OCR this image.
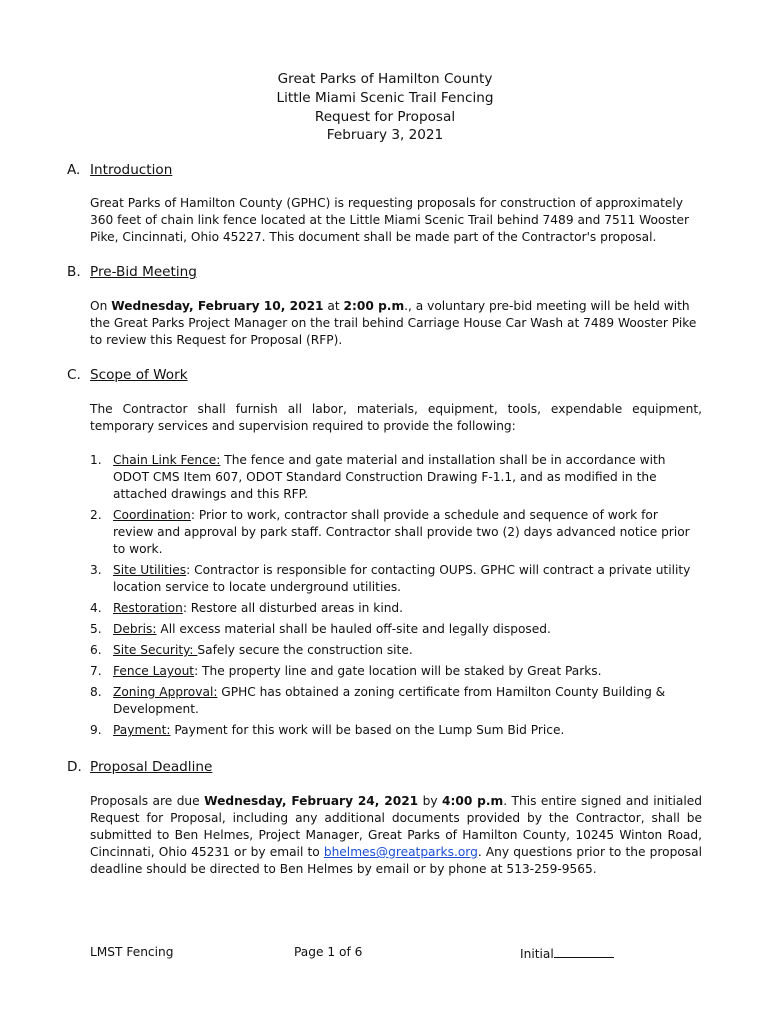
Great Parks of Hamilton County

Little Miami Scenic Trail Fencing

Request for Proposal

February 3, 2021

A. Introduction

Great Parks of Hamilton County (GPHC) is requesting proposals for construction of approximately 360 feet of chain link fence located at the Little Miami Scenic Trail behind 7489 and 7511 Wooster Pike, Cincinnati, Ohio 45227. This document shall be made part of the Contractor's proposal.

B. Pre-Bid Meeting

On Wednesday, February 10, 2021 at 2:00 p.m., a voluntary pre-bid meeting will be held with the Great Parks Project Manager on the trail behind Carriage House Car Wash at 7489 Wooster Pike to review this Request for Proposal (RFP).

C. Scope of Work

The Contractor shall furnish all labor, materials, equipment, tools, expendable equipment, temporary services and supervision required to provide the following:

1. Chain Link Fence: The fence and gate material and installation shall be in accordance with ODOT CMS Item 607, ODOT Standard Construction Drawing F-1.1, and as modified in the attached drawings and this RFP.
2. Coordination: Prior to work, contractor shall provide a schedule and sequence of work for review and approval by park staff. Contractor shall provide two (2) days advanced notice prior to work.
3. Site Utilities: Contractor is responsible for contacting OUPS. GPHC will contract a private utility location service to locate underground utilities.
4. Restoration: Restore all disturbed areas in kind.
5. Debris: All excess material shall be hauled off-site and legally disposed.
6. Site Security: Safely secure the construction site.
7. Fence Layout: The property line and gate location will be staked by Great Parks.
8. Zoning Approval: GPHC has obtained a zoning certificate from Hamilton County Building & Development.
9. Payment: Payment for this work will be based on the Lump Sum Bid Price.
D. Proposal Deadline

Proposals are due Wednesday, February 24, 2021 by 4:00 p.m. This entire signed and initialed Request for Proposal, including any additional documents provided by the Contractor, shall be submitted to Ben Helmes, Project Manager, Great Parks of Hamilton County, 10245 Winton Road, Cincinnati, Ohio 45231 or by email to bhelmes@greatparks.org. Any questions prior to the proposal deadline should be directed to Ben Helmes by email or by phone at 513-259-9565.

LMST Fencing	Page 1 of 6	Initial
